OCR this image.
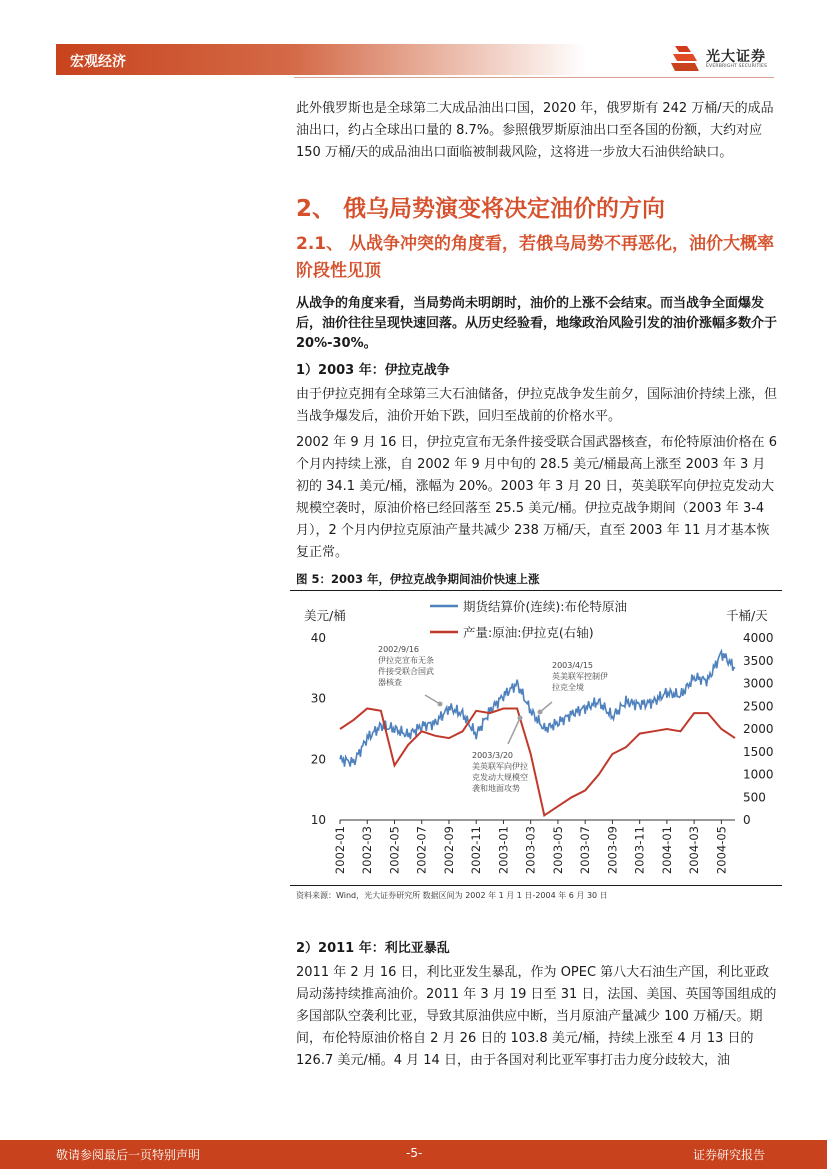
宏观经济	光大证券
EVERBRIGHT SECURITIES

此外俄罗斯也是全球第二大成品油出口国，2020 年，俄罗斯有 242 万桶/天的成品油出口，约占全球出口量的 8.7%。参照俄罗斯原油出口至各国的份额，大约对应 150 万桶/天的成品油出口面临被制裁风险，这将进一步放大石油供给缺口。

2、 俄乌局势演变将决定油价的方向
2.1、 从战争冲突的角度看，若俄乌局势不再恶化，油价大概率阶段性见顶

从战争的角度来看，当局势尚未明朗时，油价的上涨不会结束。而当战争全面爆发后，油价往往呈现快速回落。从历史经验看，地缘政治风险引发的油价涨幅多数介于 20%-30%。

1）2003 年：伊拉克战争

由于伊拉克拥有全球第三大石油储备，伊拉克战争发生前夕，国际油价持续上涨，但当战争爆发后，油价开始下跌，回归至战前的价格水平。

2002 年 9 月 16 日，伊拉克宣布无条件接受联合国武器核查，布伦特原油价格在 6 个月内持续上涨，自 2002 年 9 月中旬的 28.5 美元/桶最高上涨至 2003 年 3 月初的 34.1 美元/桶，涨幅为 20%。2003 年 3 月 20 日，英美联军向伊拉克发动大规模空袭时，原油价格已经回落至 25.5 美元/桶。伊拉克战争期间（2003 年 3-4 月），2 个月内伊拉克原油产量共减少 238 万桶/天，直至 2003 年 11 月才基本恢复正常。

图 5：2003 年，伊拉克战争期间油价快速上涨
10
20
30
40
0
500
1000
1500
2000
2500
3000
3500
4000
美元/桶	千桶/天
2002-01 2002-03 2002-05 2002-07 2002-09 2002-11 2003-01 2003-03 2003-05 2003-07 2003-09 2003-11 2004-01 2004-03 2004-05
期货结算价(连续):布伦特原油
产量:原油:伊拉克(右轴)
2002/9/16
伊拉克宣布无条
件接受联合国武
器核查
2003/3/20
美英联军向伊拉
克发动大规模空
袭和地面攻势
2003/4/15
英美联军控制伊
拉克全境
资料来源：Wind，光大证券研究所 数据区间为 2002 年 1 月 1 日-2004 年 6 月 30 日

2）2011 年：利比亚暴乱

2011 年 2 月 16 日，利比亚发生暴乱，作为 OPEC 第八大石油生产国，利比亚政局动荡持续推高油价。2011 年 3 月 19 日至 31 日，法国、美国、英国等国组成的多国部队空袭利比亚，导致其原油供应中断，当月原油产量减少 100 万桶/天。期间，布伦特原油价格自 2 月 26 日的 103.8 美元/桶，持续上涨至 4 月 13 日的 126.7 美元/桶。4 月 14 日，由于各国对利比亚军事打击力度分歧较大，油

敬请参阅最后一页特别声明	-5-	证券研究报告
